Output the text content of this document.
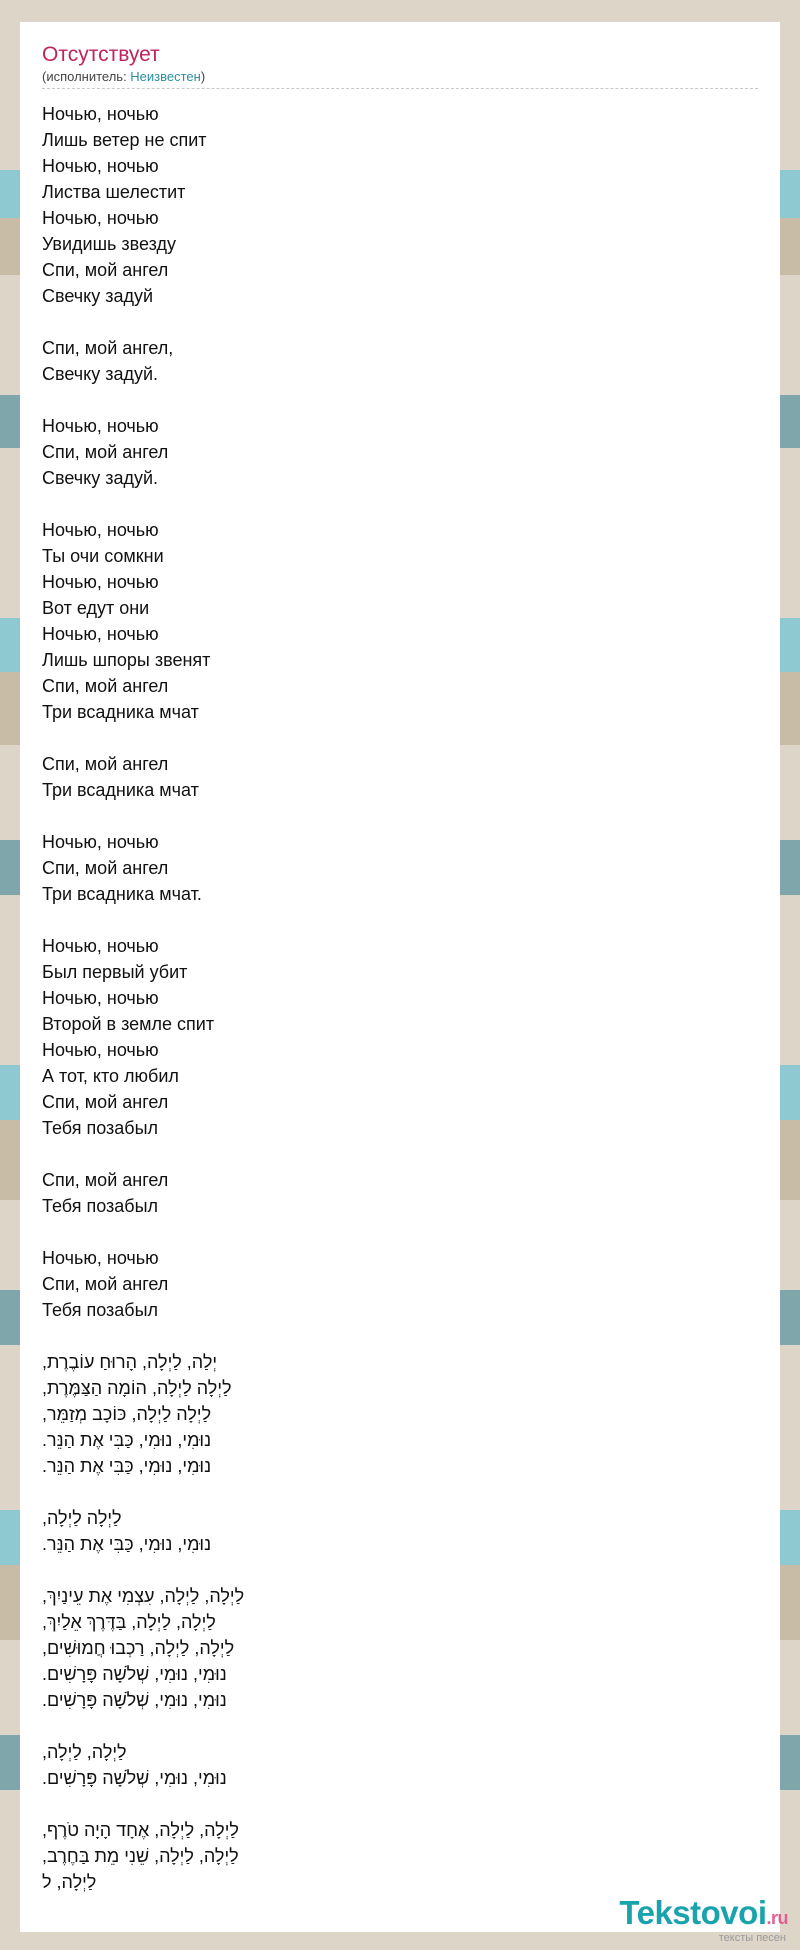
Отсутствует
(исполнитель: Неизвестен)
Ночью, ночью
Лишь ветер не спит
Ночью, ночью
Листва шелестит
Ночью, ночью
Увидишь звезду
Спи, мой ангел
Свечку задуй
Спи, мой ангел,
Свечку задуй.
Ночью, ночью
Спи, мой ангел
Свечку задуй.
Ночью, ночью
Ты очи сомкни
Ночью, ночью
Вот едут они
Ночью, ночью
Лишь шпоры звенят
Спи, мой ангел
Три всадника мчат
Спи, мой ангел
Три всадника мчат
Ночью, ночью
Спи, мой ангел
Три всадника мчат.
Ночью, ночью
Был первый убит
Ночью, ночью
Второй в земле спит
Ночью, ночью
А тот, кто любил
Спи, мой ангел
Тебя позабыл
Спи, мой ангел
Тебя позабыл
Ночью, ночью
Спи, мой ангел
Тебя позабыл
יְלַה, לַיְלָה, הָרוּחַ עוֹבֶרֶת,
לַיְלָה לַיְלָה, הוֹמָה הַצַּמֶּרֶת,
לַיְלָה לַיְלָה, כּוֹכָב מְזַמֵּר,
נוּמִי, נוּמִי, כַּבִּי אֶת הַנֵּר.
נוּמִי, נוּמִי, כַּבִּי אֶת הַנֵּר.
לַיְלָה לַיְלָה,
נוּמִי, נוּמִי, כַּבִּי אֶת הַנֵּר.
לַיְלָה, לַיְלָה, עִצְמִי אֶת עֵינַיִךְ,
לַיְלָה, לַיְלָה, בַּדֶּרֶךְ אֵלַיִךְ,
לַיְלָה, לַיְלָה, רַכְבוּ חֲמוּשִׁים,
נוּמִי, נוּמִי, שְׁלֹשָׁה פָּרָשִׁים.
נוּמִי, נוּמִי, שְׁלֹשָׁה פָּרָשִׁים.
לַיְלָה, לַיְלָה,
נוּמִי, נוּמִי, שְׁלֹשָׁה פָּרָשִׁים.
לַיְלָה, לַיְלָה, אֶחָד הָיָה טֹרֶף,
לַיְלָה, לַיְלָה, שֵׁנִי מֵת בַּחֶרֶב,
לַיְלָה, ל
Tekstovoi.ru
тексты песен
